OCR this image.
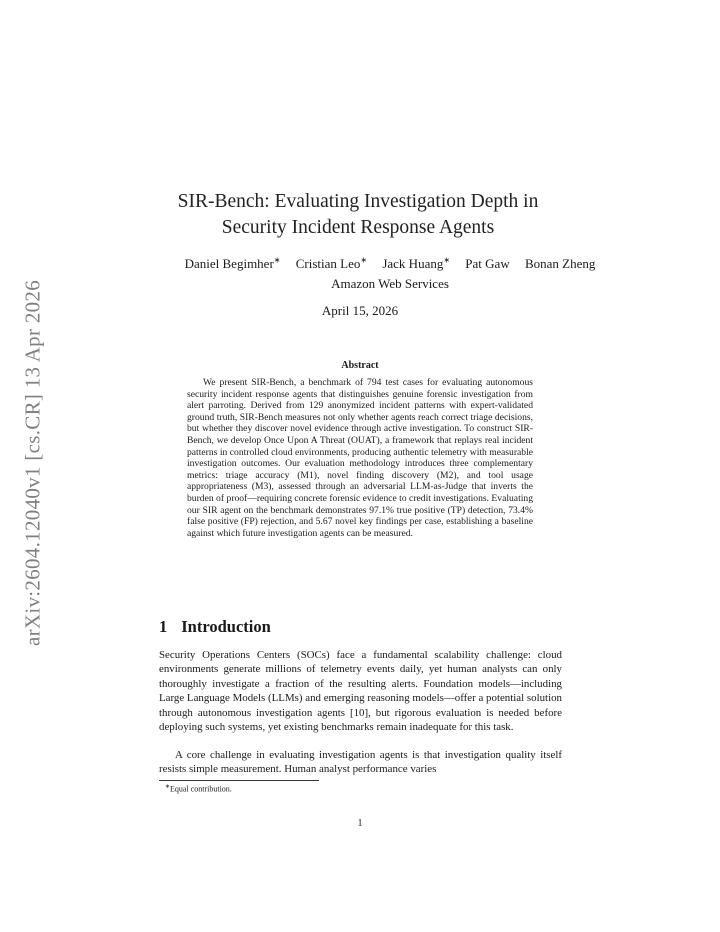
arXiv:2604.12040v1 [cs.CR] 13 Apr 2026
SIR-Bench: Evaluating Investigation Depth in
Security Incident Response Agents
Daniel Begimher∗ Cristian Leo∗ Jack Huang∗ Pat Gaw Bonan Zheng
Amazon Web Services
April 15, 2026
Abstract

We present SIR-Bench, a benchmark of 794 test cases for evaluating autonomous security incident response agents that distinguishes genuine forensic investigation from alert parroting. Derived from 129 anonymized incident patterns with expert-validated ground truth, SIR-Bench measures not only whether agents reach correct triage decisions, but whether they discover novel evidence through active investigation. To construct SIR-Bench, we develop Once Upon A Threat (OUAT), a framework that replays real incident patterns in controlled cloud environments, producing authentic telemetry with measurable investigation outcomes. Our evaluation methodology introduces three complementary metrics: triage accuracy (M1), novel finding discovery (M2), and tool usage appropriateness (M3), assessed through an adversarial LLM-as-Judge that inverts the burden of proof—requiring concrete forensic evidence to credit investigations. Evaluating our SIR agent on the benchmark demonstrates 97.1% true positive (TP) detection, 73.4% false positive (FP) rejection, and 5.67 novel key findings per case, establishing a baseline against which future investigation agents can be measured.

1 Introduction

Security Operations Centers (SOCs) face a fundamental scalability challenge: cloud environments generate millions of telemetry events daily, yet human analysts can only thoroughly investigate a fraction of the resulting alerts. Foundation models—including Large Language Models (LLMs) and emerging reasoning models—offer a potential solution through autonomous investigation agents [10], but rigorous evaluation is needed before deploying such systems, yet existing benchmarks remain inadequate for this task.

A core challenge in evaluating investigation agents is that investigation quality itself resists simple measurement. Human analyst performance varies

∗Equal contribution.
1
